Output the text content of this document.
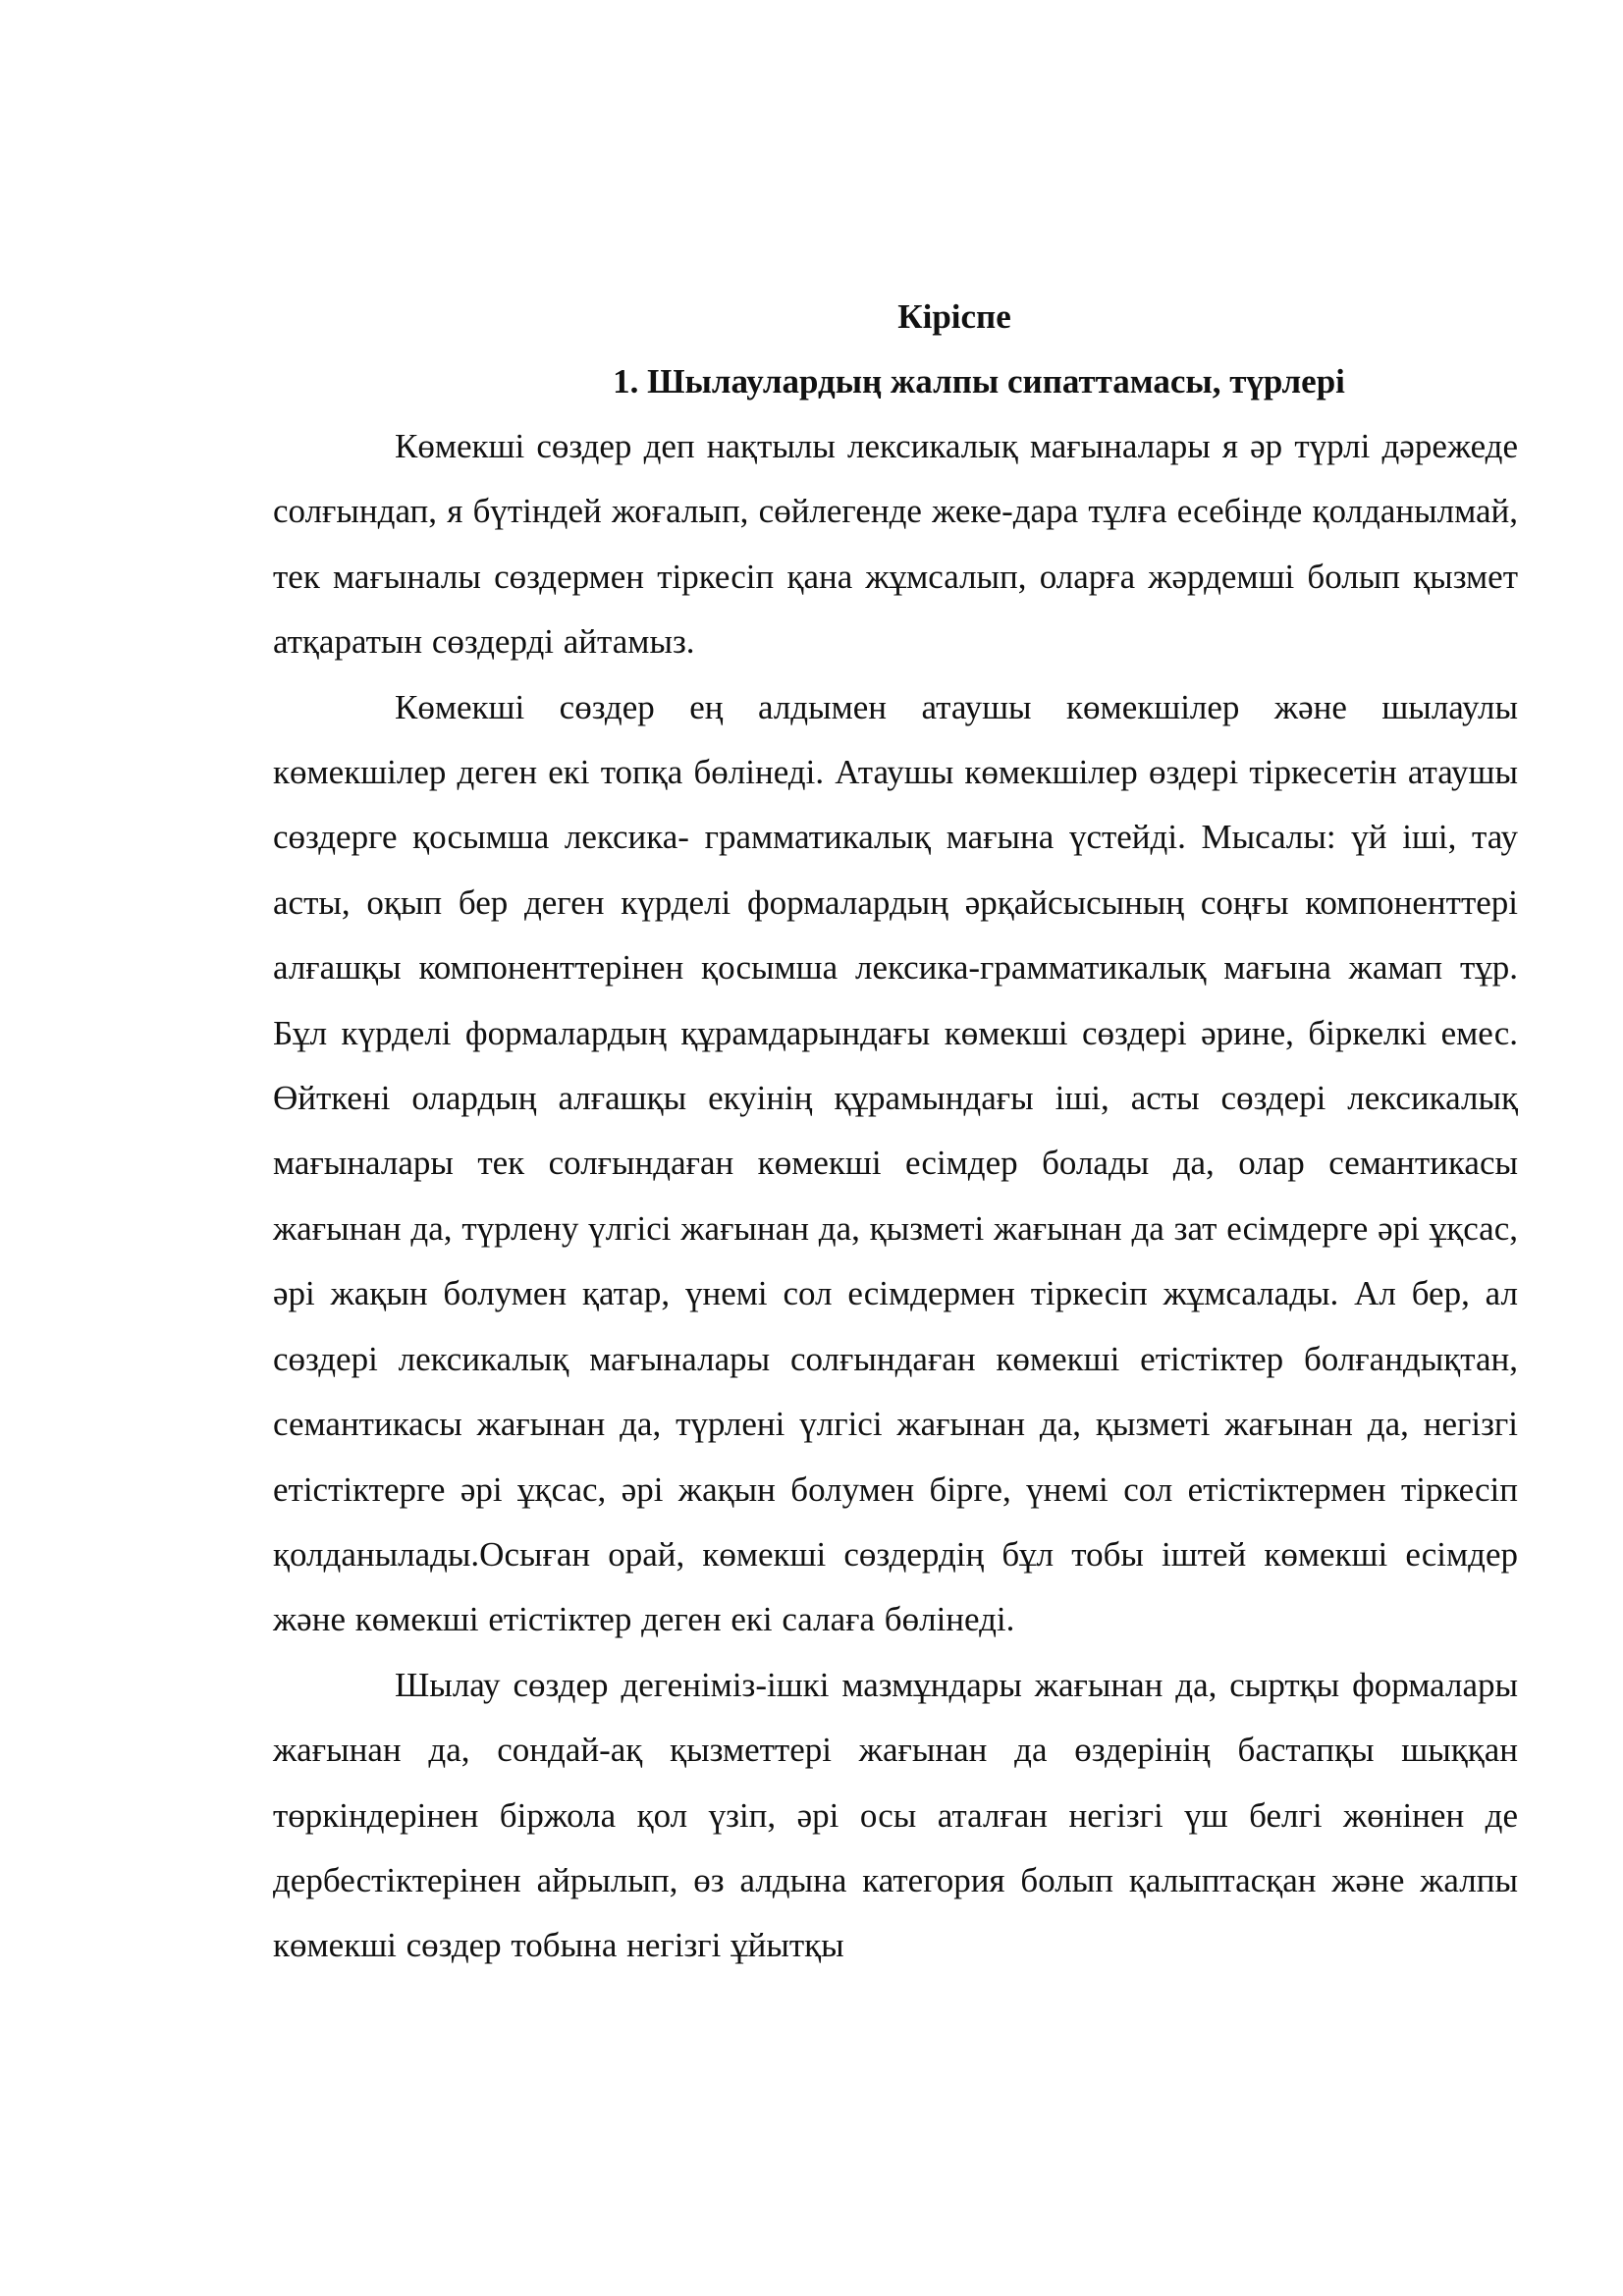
Кіріспе
1. Шылаулардың жалпы сипаттамасы, түрлері

Көмекші сөздер деп нақтылы лексикалық мағыналары я әр түрлі дәрежеде солғындап, я бүтіндей жоғалып, сөйлегенде жеке-дара тұлға есебінде қолданылмай, тек мағыналы сөздермен тіркесіп қана жұмсалып, оларға жәрдемші болып қызмет атқаратын сөздерді айтамыз.

Көмекші сөздер ең алдымен атаушы көмекшілер және шылаулы көмекшілер деген екі топқа бөлінеді. Атаушы көмекшілер өздері тіркесетін атаушы сөздерге қосымша лексика- грамматикалық мағына үстейді. Мысалы: үй іші, тау асты, оқып бер деген күрделі формалардың әрқайсысының соңғы компоненттері алғашқы компоненттерінен қосымша лексика-грамматикалық мағына жамап тұр. Бұл күрделі формалардың құрамдарындағы көмекші сөздері әрине, біркелкі емес. Өйткені олардың алғашқы екуінің құрамындағы іші, асты сөздері лексикалық мағыналары тек солғындаған көмекші есімдер болады да, олар семантикасы жағынан да, түрлену үлгісі жағынан да, қызметі жағынан да зат есімдерге әрі ұқсас, әрі жақын болумен қатар, үнемі сол есімдермен тіркесіп жұмсалады. Ал бер, ал сөздері лексикалық мағыналары солғындаған көмекші етістіктер болғандықтан, семантикасы жағынан да, түрлені үлгісі жағынан да, қызметі жағынан да, негізгі етістіктерге әрі ұқсас, әрі жақын болумен бірге, үнемі сол етістіктермен тіркесіп қолданылады.Осыған орай, көмекші сөздердің бұл тобы іштей көмекші есімдер және көмекші етістіктер деген екі салаға бөлінеді.

Шылау сөздер дегеніміз-ішкі мазмұндары жағынан да, сыртқы формалары жағынан да, сондай-ақ қызметтері жағынан да өздерінің бастапқы шыққан төркіндерінен біржола қол үзіп, әрі осы аталған негізгі үш белгі жөнінен де дербестіктерінен айрылып, өз алдына категория болып қалыптасқан және жалпы көмекші сөздер тобына негізгі ұйытқы
